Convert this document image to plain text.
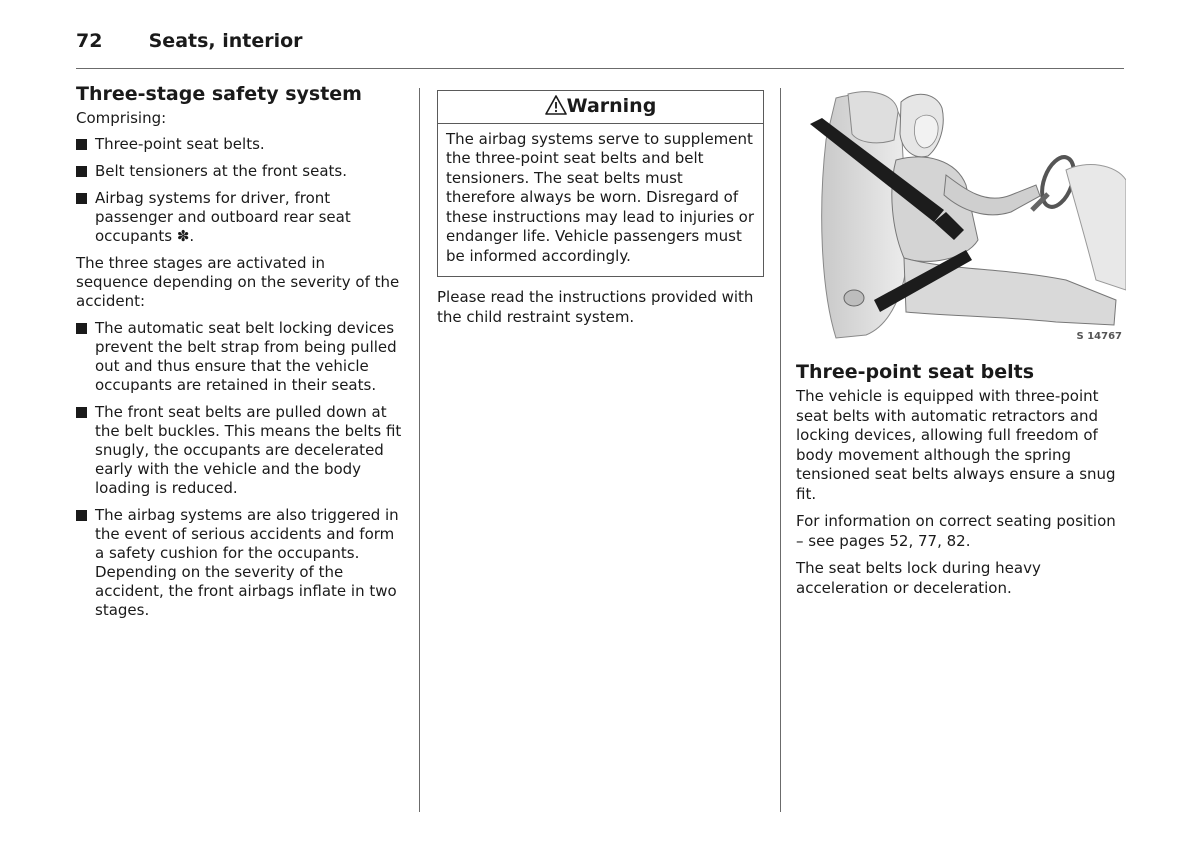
72 Seats, interior
Three-stage safety system

Comprising:

Three-point seat belts.
Belt tensioners at the front seats.
Airbag systems for driver, front passenger and outboard rear seat occupants ✽.

The three stages are activated in sequence depending on the severity of the accident:

The automatic seat belt locking devices prevent the belt strap from being pulled out and thus ensure that the vehicle occupants are retained in their seats.
The front seat belts are pulled down at the belt buckles. This means the belts fit snugly, the occupants are decelerated early with the vehicle and the body loading is reduced.
The airbag systems are also triggered in the event of serious accidents and form a safety cushion for the occupants. Depending on the severity of the accident, the front airbags inflate in two stages.
Warning
The airbag systems serve to supplement the three-point seat belts and belt tensioners. The seat belts must therefore always be worn. Disregard of these instructions may lead to injuries or endanger life. Vehicle passengers must be informed accordingly.

Please read the instructions provided with the child restraint system.

S 14767
Three-point seat belts

The vehicle is equipped with three-point seat belts with automatic retractors and locking devices, allowing full freedom of body movement although the spring tensioned seat belts always ensure a snug fit.

For information on correct seating position – see pages 52, 77, 82.

The seat belts lock during heavy acceleration or deceleration.
